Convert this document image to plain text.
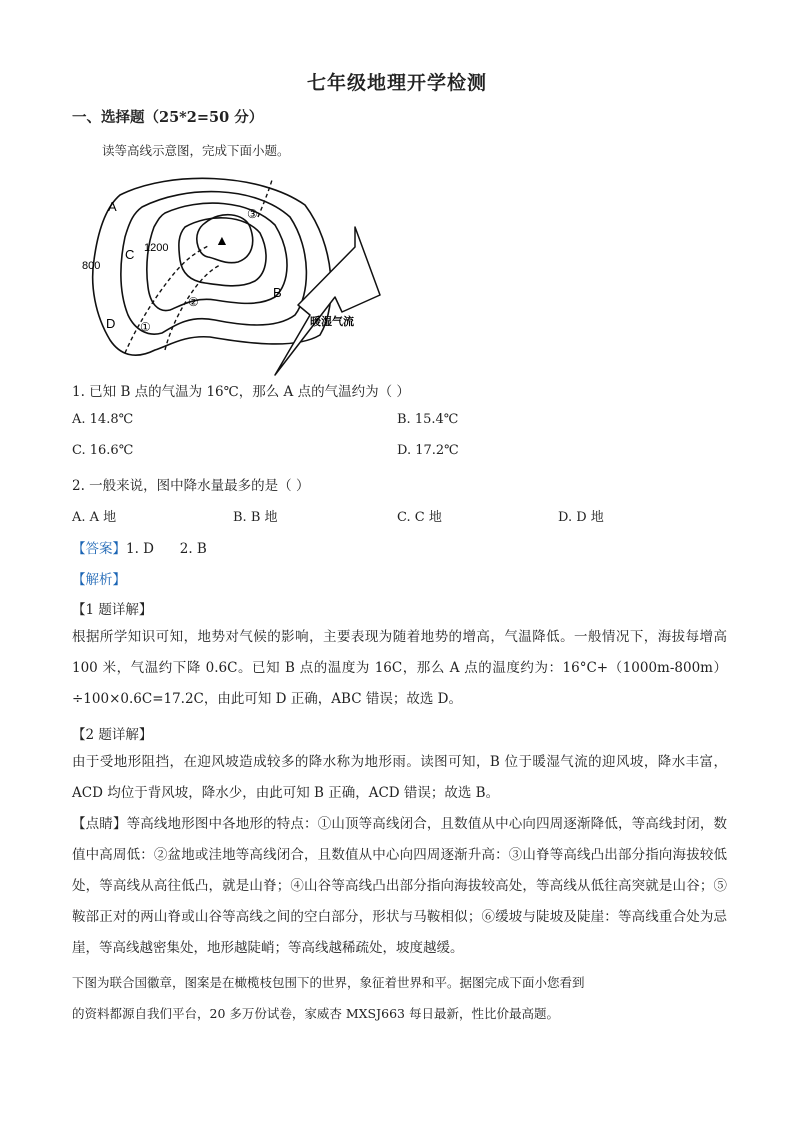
七年级地理开学检测
一、选择题（25*2=50 分）
读等高线示意图，完成下面小题。
A
B
C
D
800
1200	▲
①
②
③
暖湿气流
1. 已知 B 点的气温为 16℃，那么 A 点的气温约为（ ）
A. 14.8℃	B. 15.4℃
C. 16.6℃	D. 17.2℃
2. 一般来说，图中降水量最多的是（ ）
A. A 地	B. B 地	C. C 地	D. D 地
【答案】1. D      2. B
【解析】
【1 题详解】
根据所学知识可知，地势对气候的影响，主要表现为随着地势的增高，气温降低。一般情况下，海拔每增高 100 米，气温约下降 0.6C。已知 B 点的温度为 16C，那么 A 点的温度约为：16°C+（1000m-800m）÷100×0.6C=17.2C，由此可知 D 正确，ABC 错误；故选 D。
【2 题详解】
由于受地形阻挡，在迎风坡造成较多的降水称为地形雨。读图可知，B 位于暖湿气流的迎风坡，降水丰富，ACD 均位于背风坡，降水少，由此可知 B 正确，ACD 错误；故选 B。
【点睛】等高线地形图中各地形的特点：①山顶等高线闭合，且数值从中心向四周逐渐降低，等高线封闭，数值中高周低：②盆地或洼地等高线闭合，且数值从中心向四周逐渐升高：③山脊等高线凸出部分指向海拔较低处，等高线从高往低凸，就是山脊；④山谷等高线凸出部分指向海拔较高处，等高线从低往高突就是山谷；⑤鞍部正对的两山脊或山谷等高线之间的空白部分，形状与马鞍相似；⑥缓坡与陡坡及陡崖：等高线重合处为忌崖，等高线越密集处，地形越陡峭；等高线越稀疏处，坡度越缓。
下图为联合国徽章，图案是在橄榄枝包围下的世界，象征着世界和平。据图完成下面小您看到
的资料都源自我们平台，20 多万份试卷，家威杏 MXSJ663 每日最新，性比价最高题。
